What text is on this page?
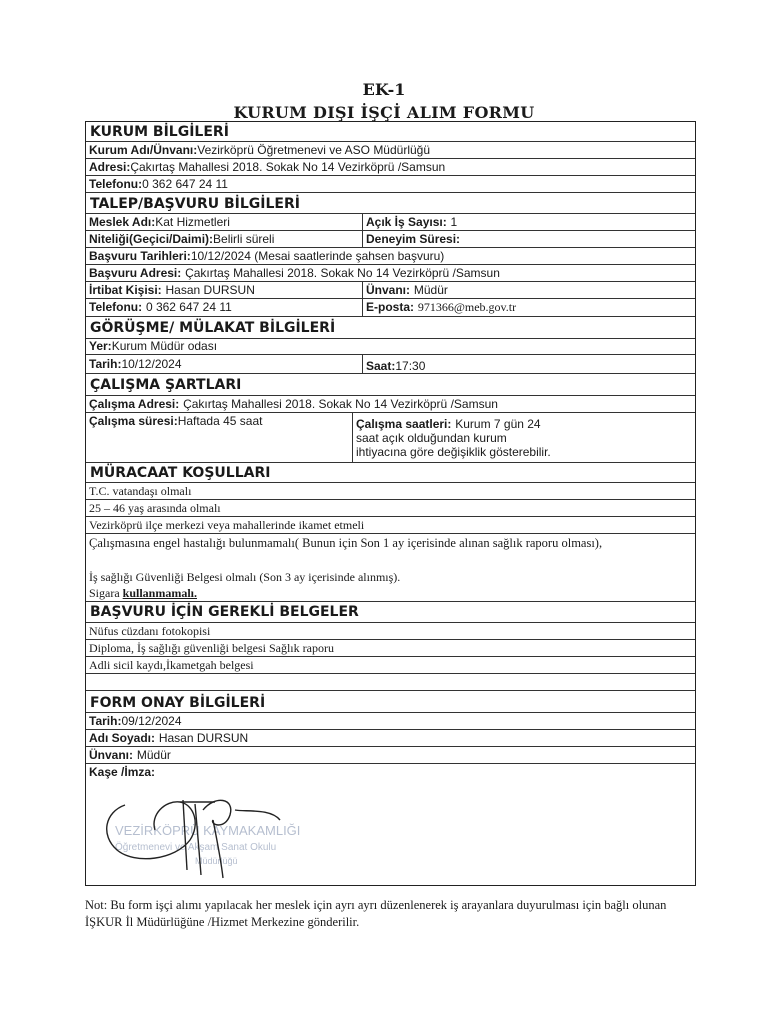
EK-1
KURUM DIŞI İŞÇİ ALIM FORMU
KURUM BİLGİLERİ
Kurum Adı/Ünvanı:Vezirköprü Öğretmenevi ve ASO Müdürlüğü
Adresi:Çakırtaş Mahallesi 2018. Sokak No 14 Vezirköprü /Samsun
Telefonu:0 362 647 24 11
TALEP/BAŞVURU BİLGİLERİ
Meslek Adı:Kat Hizmetleri	Açık İş Sayısı: 1
Niteliği(Geçici/Daimi):Belirli süreli	Deneyim Süresi:
Başvuru Tarihleri:10/12/2024 (Mesai saatlerinde şahsen başvuru)
Başvuru Adresi: Çakırtaş Mahallesi 2018. Sokak No 14 Vezirköprü /Samsun
İrtibat Kişisi: Hasan DURSUN	Ünvanı: Müdür
Telefonu: 0 362 647 24 11	E-posta: 971366@meb.gov.tr
GÖRÜŞME/ MÜLAKAT BİLGİLERİ
Yer:Kurum Müdür odası
Tarih:10/12/2024	Saat:17:30
ÇALIŞMA ŞARTLARI
Çalışma Adresi: Çakırtaş Mahallesi 2018. Sokak No 14 Vezirköprü /Samsun
Çalışma süresi:Haftada 45 saat	Çalışma saatleri: Kurum 7 gün 24 saat açık olduğundan kurum ihtiyacına göre değişiklik gösterebilir.
MÜRACAAT KOŞULLARI
T.C. vatandaşı olmalı
25 – 46 yaş arasında olmalı
Vezirköprü ilçe merkezi veya mahallerinde ikamet etmeli
Çalışmasına engel hastalığı bulunmamalı( Bunun için Son 1 ay içerisinde alınan sağlık raporu olması),
İş sağlığı Güvenliği Belgesi olmalı (Son 3 ay içerisinde alınmış).
Sigara kullanmamalı.
BAŞVURU İÇİN GEREKLİ BELGELER
Nüfus cüzdanı fotokopisi
Diploma, İş sağlığı güvenliği belgesi Sağlık raporu
Adli sicil kaydı,İkametgah belgesi
FORM ONAY BİLGİLERİ
Tarih:09/12/2024
Adı Soyadı: Hasan DURSUN
Ünvanı: Müdür
Kaşe /İmza:
VEZİRKÖPRÜ KAYMAKAMLIĞI
Öğretmenevi ve Akşam Sanat Okulu
Müdürlüğü
Not: Bu form işçi alımı yapılacak her meslek için ayrı ayrı düzenlenerek iş arayanlara duyurulması için bağlı olunan İŞKUR İl Müdürlüğüne /Hizmet Merkezine gönderilir.
